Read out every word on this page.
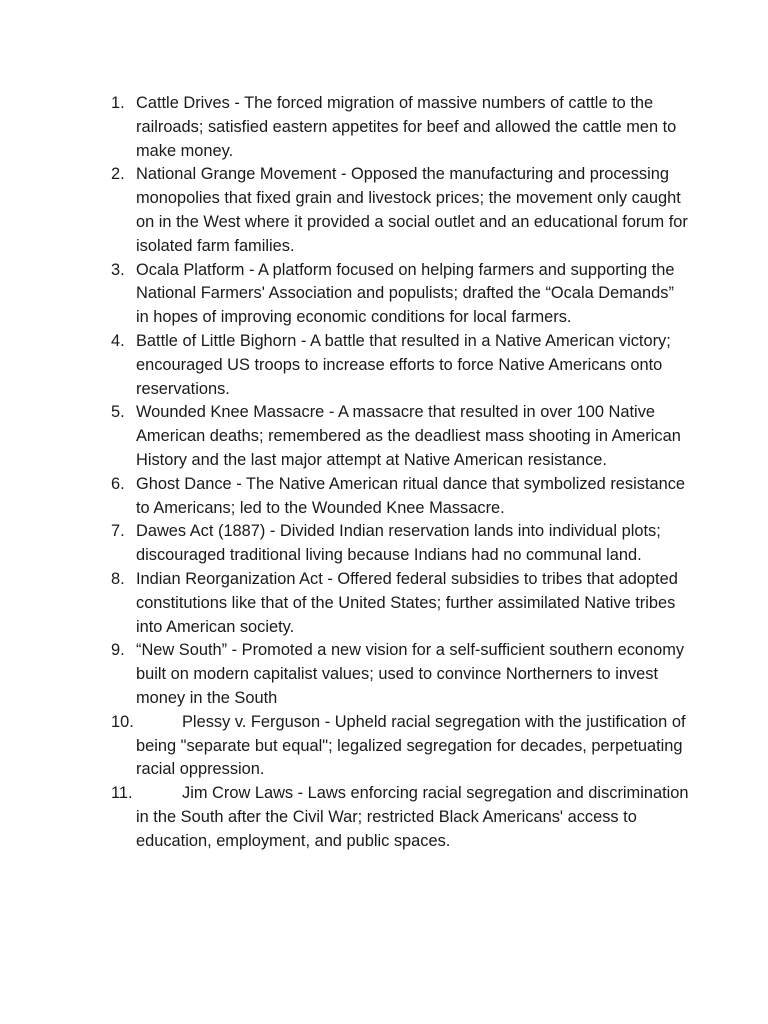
1. Cattle Drives - The forced migration of massive numbers of cattle to the railroads; satisfied eastern appetites for beef and allowed the cattle men to make money.
2. National Grange Movement - Opposed the manufacturing and processing monopolies that fixed grain and livestock prices; the movement only caught on in the West where it provided a social outlet and an educational forum for isolated farm families.
3. Ocala Platform - A platform focused on helping farmers and supporting the National Farmers' Association and populists; drafted the “Ocala Demands” in hopes of improving economic conditions for local farmers.
4. Battle of Little Bighorn - A battle that resulted in a Native American victory; encouraged US troops to increase efforts to force Native Americans onto reservations.
5. Wounded Knee Massacre - A massacre that resulted in over 100 Native American deaths; remembered as the deadliest mass shooting in American History and the last major attempt at Native American resistance.
6. Ghost Dance - The Native American ritual dance that symbolized resistance to Americans; led to the Wounded Knee Massacre.
7. Dawes Act (1887) - Divided Indian reservation lands into individual plots; discouraged traditional living because Indians had no communal land.
8. Indian Reorganization Act - Offered federal subsidies to tribes that adopted constitutions like that of the United States; further assimilated Native tribes into American society.
9. “New South” - Promoted a new vision for a self-sufficient southern economy built on modern capitalist values; used to convince Northerners to invest money in the South
10.	Plessy v. Ferguson - Upheld racial segregation with the justification of being "separate but equal"; legalized segregation for decades, perpetuating racial oppression.
11.	Jim Crow Laws - Laws enforcing racial segregation and discrimination in the South after the Civil War; restricted Black Americans' access to education, employment, and public spaces.
